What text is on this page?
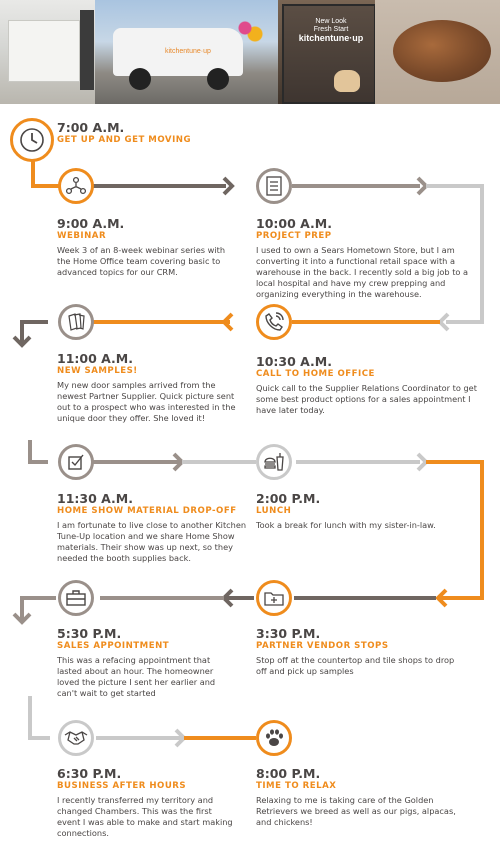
kitchentune·up
New Look
Fresh Start
kitchentune·up
7:00 A.M.
GET UP AND GET MOVING
9:00 A.M.
WEBINAR
Week 3 of an 8-week webinar series with the Home Office team covering basic to advanced topics for our CRM.
10:00 A.M.
PROJECT PREP
I used to own a Sears Hometown Store, but I am converting it into a functional retail space with a warehouse in the back. I recently sold a big job to a local hospital and have my crew prepping and organizing everything in the warehouse.
11:00 A.M.
NEW SAMPLES!
My new door samples arrived from the newest Partner Supplier. Quick picture sent out to a prospect who was interested in the unique door they offer. She loved it!
10:30 A.M.
CALL TO HOME OFFICE
Quick call to the Supplier Relations Coordinator to get some best product options for a sales appointment I have later today.
11:30 A.M.
HOME SHOW MATERIAL DROP-OFF
I am fortunate to live close to another Kitchen Tune-Up location and we share Home Show materials. Their show was up next, so they needed the booth supplies back.
2:00 P.M.
LUNCH
Took a break for lunch with my sister-in-law.
5:30 P.M.
SALES APPOINTMENT
This was a refacing appointment that lasted about an hour. The homeowner loved the picture I sent her earlier and can't wait to get started
3:30 P.M.
PARTNER VENDOR STOPS
Stop off at the countertop and tile shops to drop off and pick up samples
6:30 P.M.
BUSINESS AFTER HOURS
I recently transferred my territory and changed Chambers. This was the first event I was able to make and start making connections.
8:00 P.M.
TIME TO RELAX
Relaxing to me is taking care of the Golden Retrievers we breed as well as our pigs, alpacas, and chickens!
